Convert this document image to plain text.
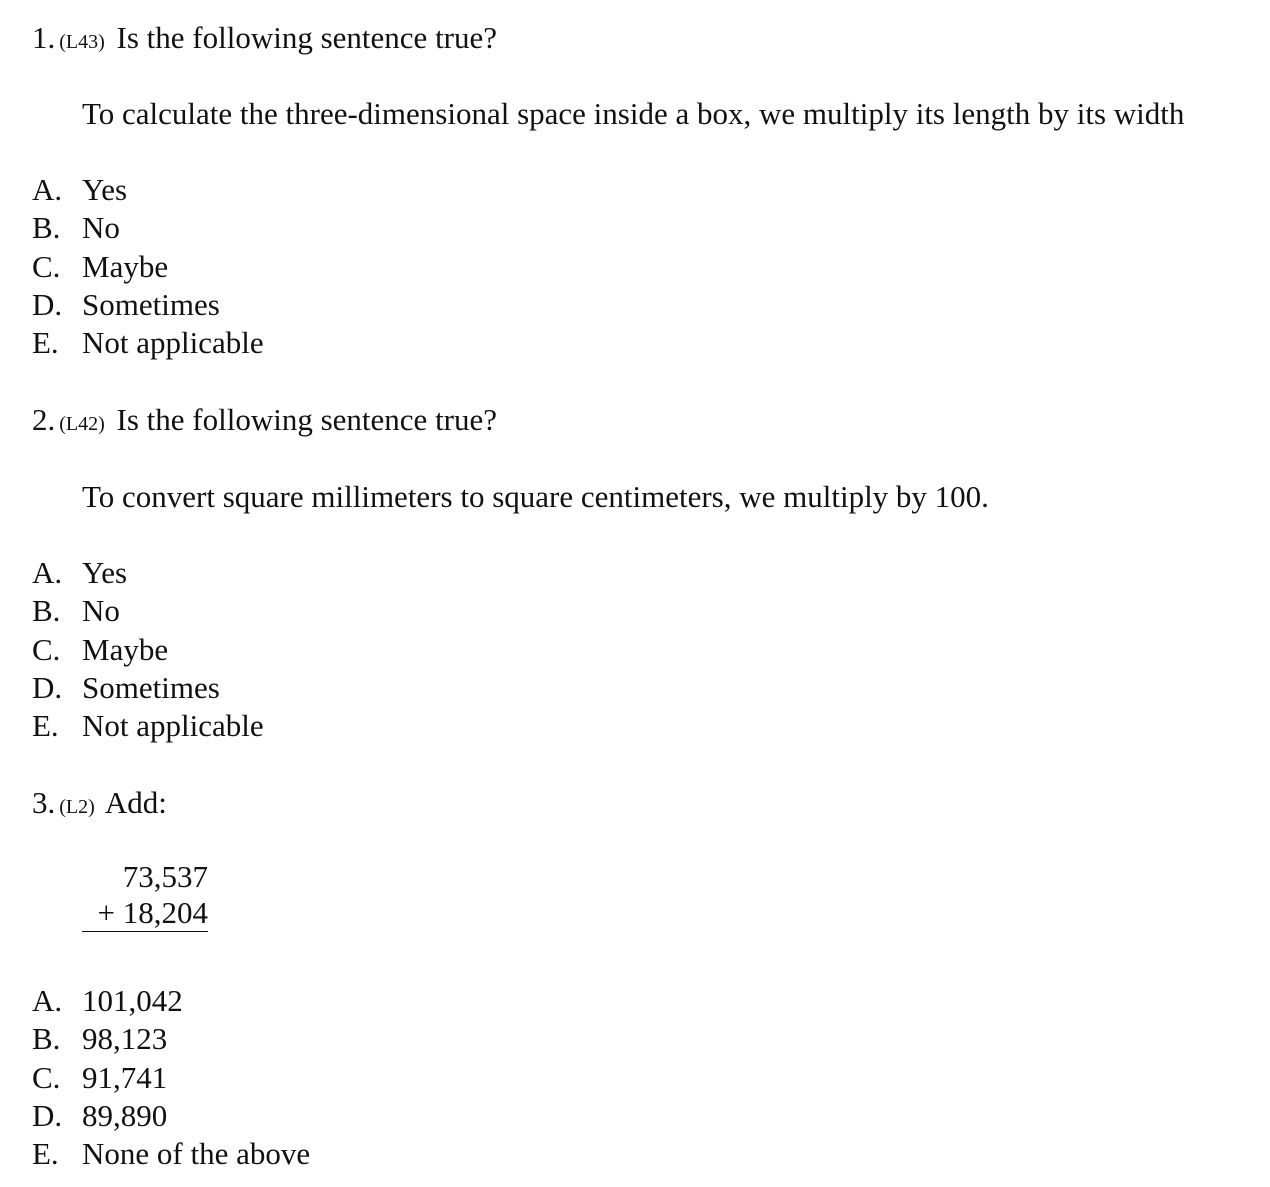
1. (L43) Is the following sentence true?
To calculate the three-dimensional space inside a box, we multiply its length by its width
A. Yes
B. No
C. Maybe
D. Sometimes
E. Not applicable
2. (L42) Is the following sentence true?
To convert square millimeters to square centimeters, we multiply by 100.
A. Yes
B. No
C. Maybe
D. Sometimes
E. Not applicable
3. (L2) Add:
73,537
+ 18,204
A. 101,042
B. 98,123
C. 91,741
D. 89,890
E. None of the above
